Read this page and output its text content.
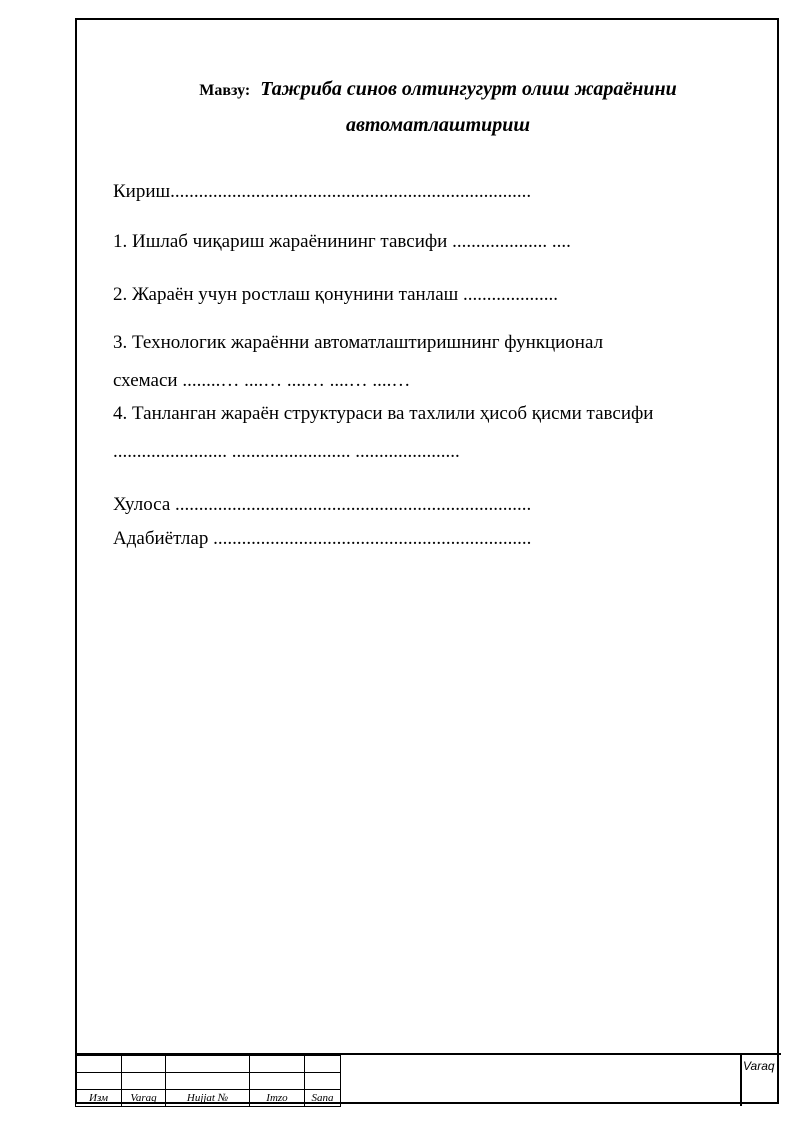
Мавзу: Тажриба синов олтингугурт олиш жараёнини
автоматлаштириш
Кириш............................................................................
1. Ишлаб чиқариш жараёнининг тавсифи .................... ....
2. Жараён учун ростлаш қонунини танлаш ....................
3. Технологик жараённи автоматлаштиришнинг функционал
схемаси ........… ....… ....… ....… ....…
4. Танланган жараён структураси ва тахлили ҳисоб қисми тавсифи
........................ ......................... ......................
Хулоса ...........................................................................
Адабиётлар ...................................................................

Изм	Varaq	Hujjat №	Imzo	Sana
Varaq
